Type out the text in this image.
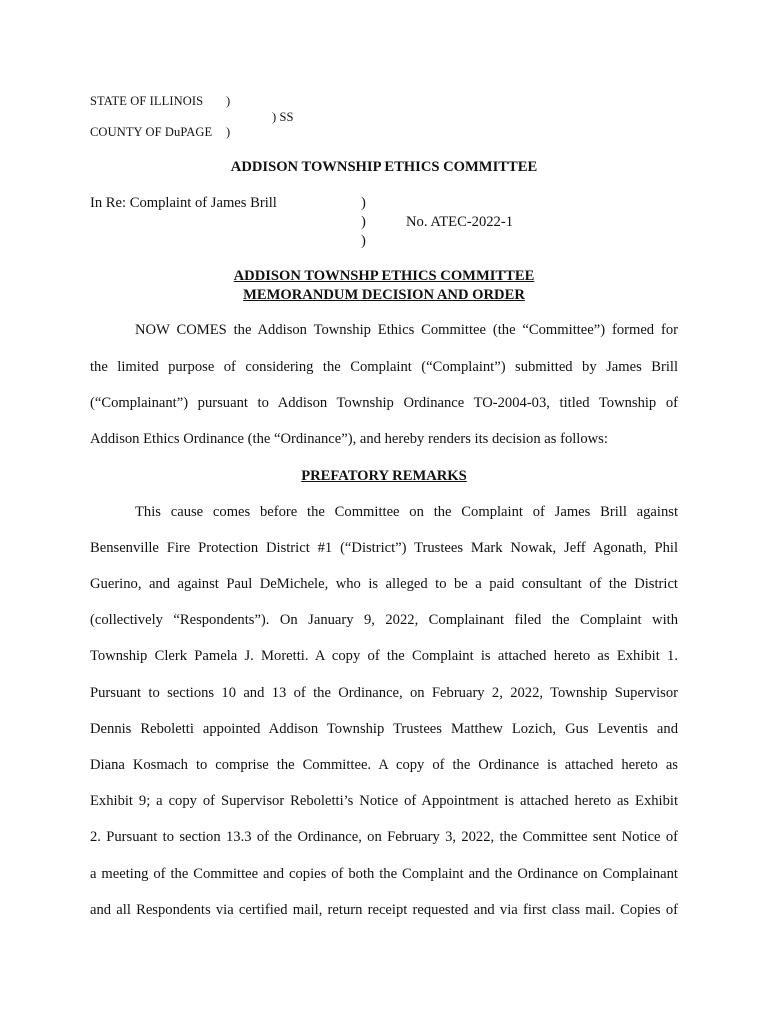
STATE OF ILLINOIS )
) SS
COUNTY OF DuPAGE )
ADDISON TOWNSHIP ETHICS COMMITTEE
In Re: Complaint of James Brill	)
)	No. ATEC-2022-1
)
ADDISON TOWNSHP ETHICS COMMITTEE
MEMORANDUM DECISION AND ORDER
NOW COMES the Addison Township Ethics Committee (the “Committee”) formed for
the limited purpose of considering the Complaint (“Complaint”) submitted by James Brill
(“Complainant”) pursuant to Addison Township Ordinance TO-2004-03, titled Township of
Addison Ethics Ordinance (the “Ordinance”), and hereby renders its decision as follows:
PREFATORY REMARKS
This cause comes before the Committee on the Complaint of James Brill against
Bensenville Fire Protection District #1 (“District”) Trustees Mark Nowak, Jeff Agonath, Phil
Guerino, and against Paul DeMichele, who is alleged to be a paid consultant of the District
(collectively “Respondents”). On January 9, 2022, Complainant filed the Complaint with
Township Clerk Pamela J. Moretti. A copy of the Complaint is attached hereto as Exhibit 1.
Pursuant to sections 10 and 13 of the Ordinance, on February 2, 2022, Township Supervisor
Dennis Reboletti appointed Addison Township Trustees Matthew Lozich, Gus Leventis and
Diana Kosmach to comprise the Committee. A copy of the Ordinance is attached hereto as
Exhibit 9; a copy of Supervisor Reboletti’s Notice of Appointment is attached hereto as Exhibit
2. Pursuant to section 13.3 of the Ordinance, on February 3, 2022, the Committee sent Notice of
a meeting of the Committee and copies of both the Complaint and the Ordinance on Complainant
and all Respondents via certified mail, return receipt requested and via first class mail. Copies of
